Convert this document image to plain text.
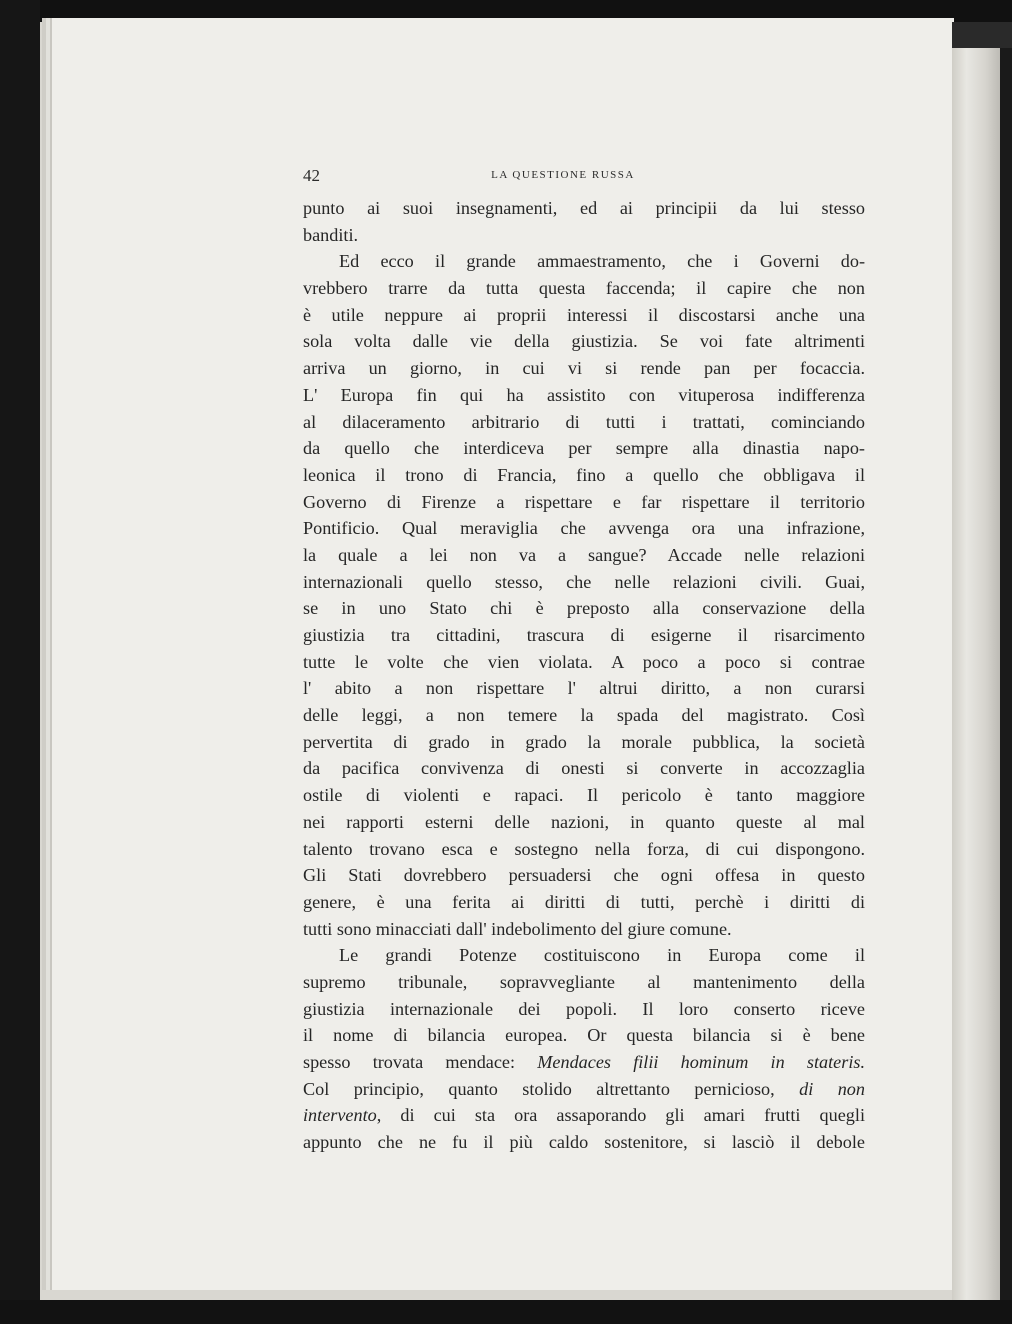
42	LA QUESTIONE RUSSA
punto ai suoi insegnamenti, ed ai principii da lui stesso
banditi.
Ed ecco il grande ammaestramento, che i Governi do-
vrebbero trarre da tutta questa faccenda; il capire che non
è utile neppure ai proprii interessi il discostarsi anche una
sola volta dalle vie della giustizia. Se voi fate altrimenti
arriva un giorno, in cui vi si rende pan per focaccia.
L' Europa fin qui ha assistito con vituperosa indifferenza
al dilaceramento arbitrario di tutti i trattati, cominciando
da quello che interdiceva per sempre alla dinastia napo-
leonica il trono di Francia, fino a quello che obbligava il
Governo di Firenze a rispettare e far rispettare il territorio
Pontificio. Qual meraviglia che avvenga ora una infrazione,
la quale a lei non va a sangue? Accade nelle relazioni
internazionali quello stesso, che nelle relazioni civili. Guai,
se in uno Stato chi è preposto alla conservazione della
giustizia tra cittadini, trascura di esigerne il risarcimento
tutte le volte che vien violata. A poco a poco si contrae
l' abito a non rispettare l' altrui diritto, a non curarsi
delle leggi, a non temere la spada del magistrato. Così
pervertita di grado in grado la morale pubblica, la società
da pacifica convivenza di onesti si converte in accozzaglia
ostile di violenti e rapaci. Il pericolo è tanto maggiore
nei rapporti esterni delle nazioni, in quanto queste al mal
talento trovano esca e sostegno nella forza, di cui dispongono.
Gli Stati dovrebbero persuadersi che ogni offesa in questo
genere, è una ferita ai diritti di tutti, perchè i diritti di
tutti sono minacciati dall' indebolimento del giure comune.
Le grandi Potenze costituiscono in Europa come il
supremo tribunale, sopravvegliante al mantenimento della
giustizia internazionale dei popoli. Il loro conserto riceve
il nome di bilancia europea. Or questa bilancia si è bene
spesso trovata mendace: Mendaces filii hominum in stateris.
Col principio, quanto stolido altrettanto pernicioso, di non
intervento, di cui sta ora assaporando gli amari frutti quegli
appunto che ne fu il più caldo sostenitore, si lasciò il debole
